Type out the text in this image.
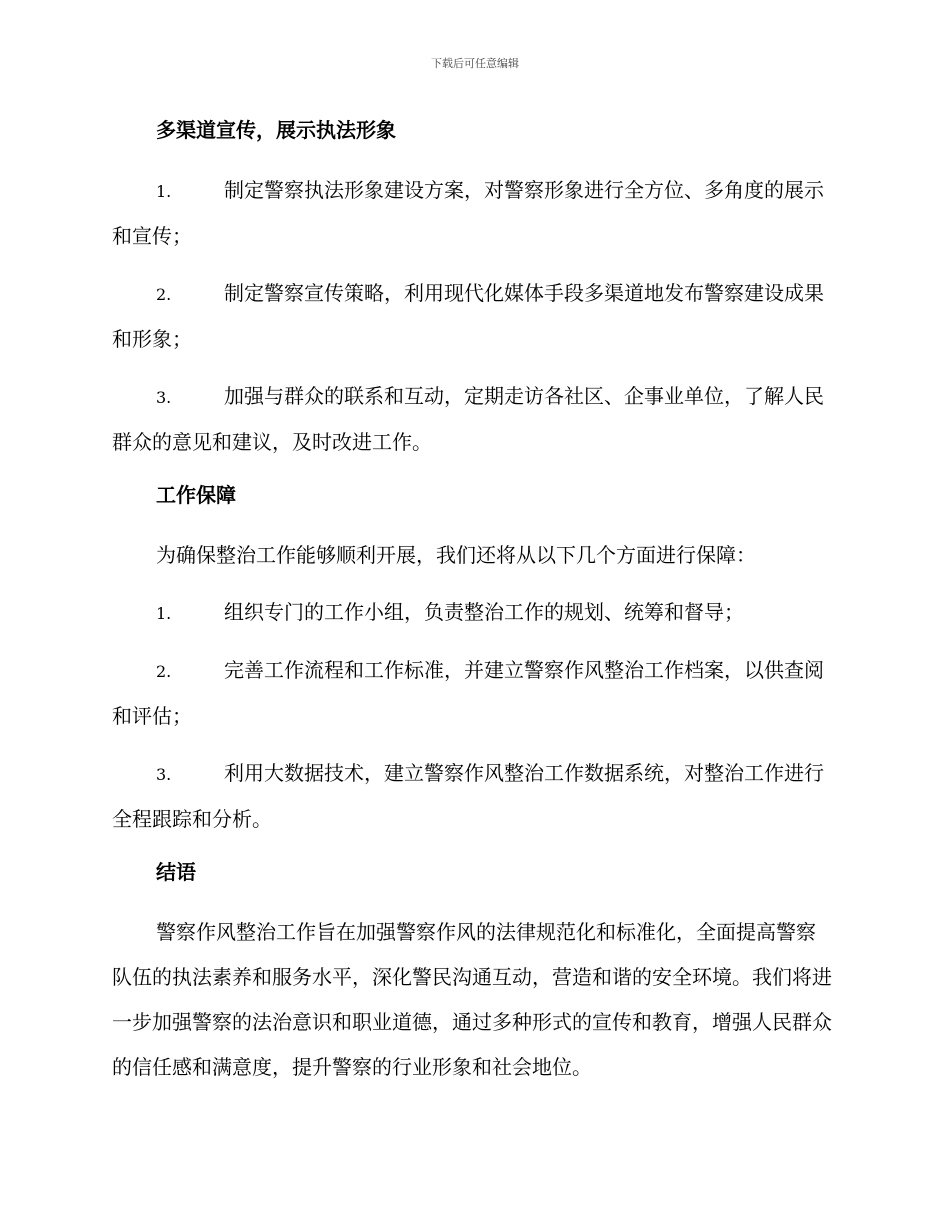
下载后可任意编辑
多渠道宣传，展示执法形象
1.	制定警察执法形象建设方案，对警察形象进行全方位、多角度的展示和宣传；
2.	制定警察宣传策略，利用现代化媒体手段多渠道地发布警察建设成果和形象；
3.	加强与群众的联系和互动，定期走访各社区、企事业单位，了解人民群众的意见和建议，及时改进工作。
工作保障
为确保整治工作能够顺利开展，我们还将从以下几个方面进行保障：
1.	组织专门的工作小组，负责整治工作的规划、统筹和督导；
2.	完善工作流程和工作标准，并建立警察作风整治工作档案，以供查阅和评估；
3.	利用大数据技术，建立警察作风整治工作数据系统，对整治工作进行全程跟踪和分析。
结语
警察作风整治工作旨在加强警察作风的法律规范化和标准化，全面提高警察队伍的执法素养和服务水平，深化警民沟通互动，营造和谐的安全环境。我们将进一步加强警察的法治意识和职业道德，通过多种形式的宣传和教育，增强人民群众的信任感和满意度，提升警察的行业形象和社会地位。
